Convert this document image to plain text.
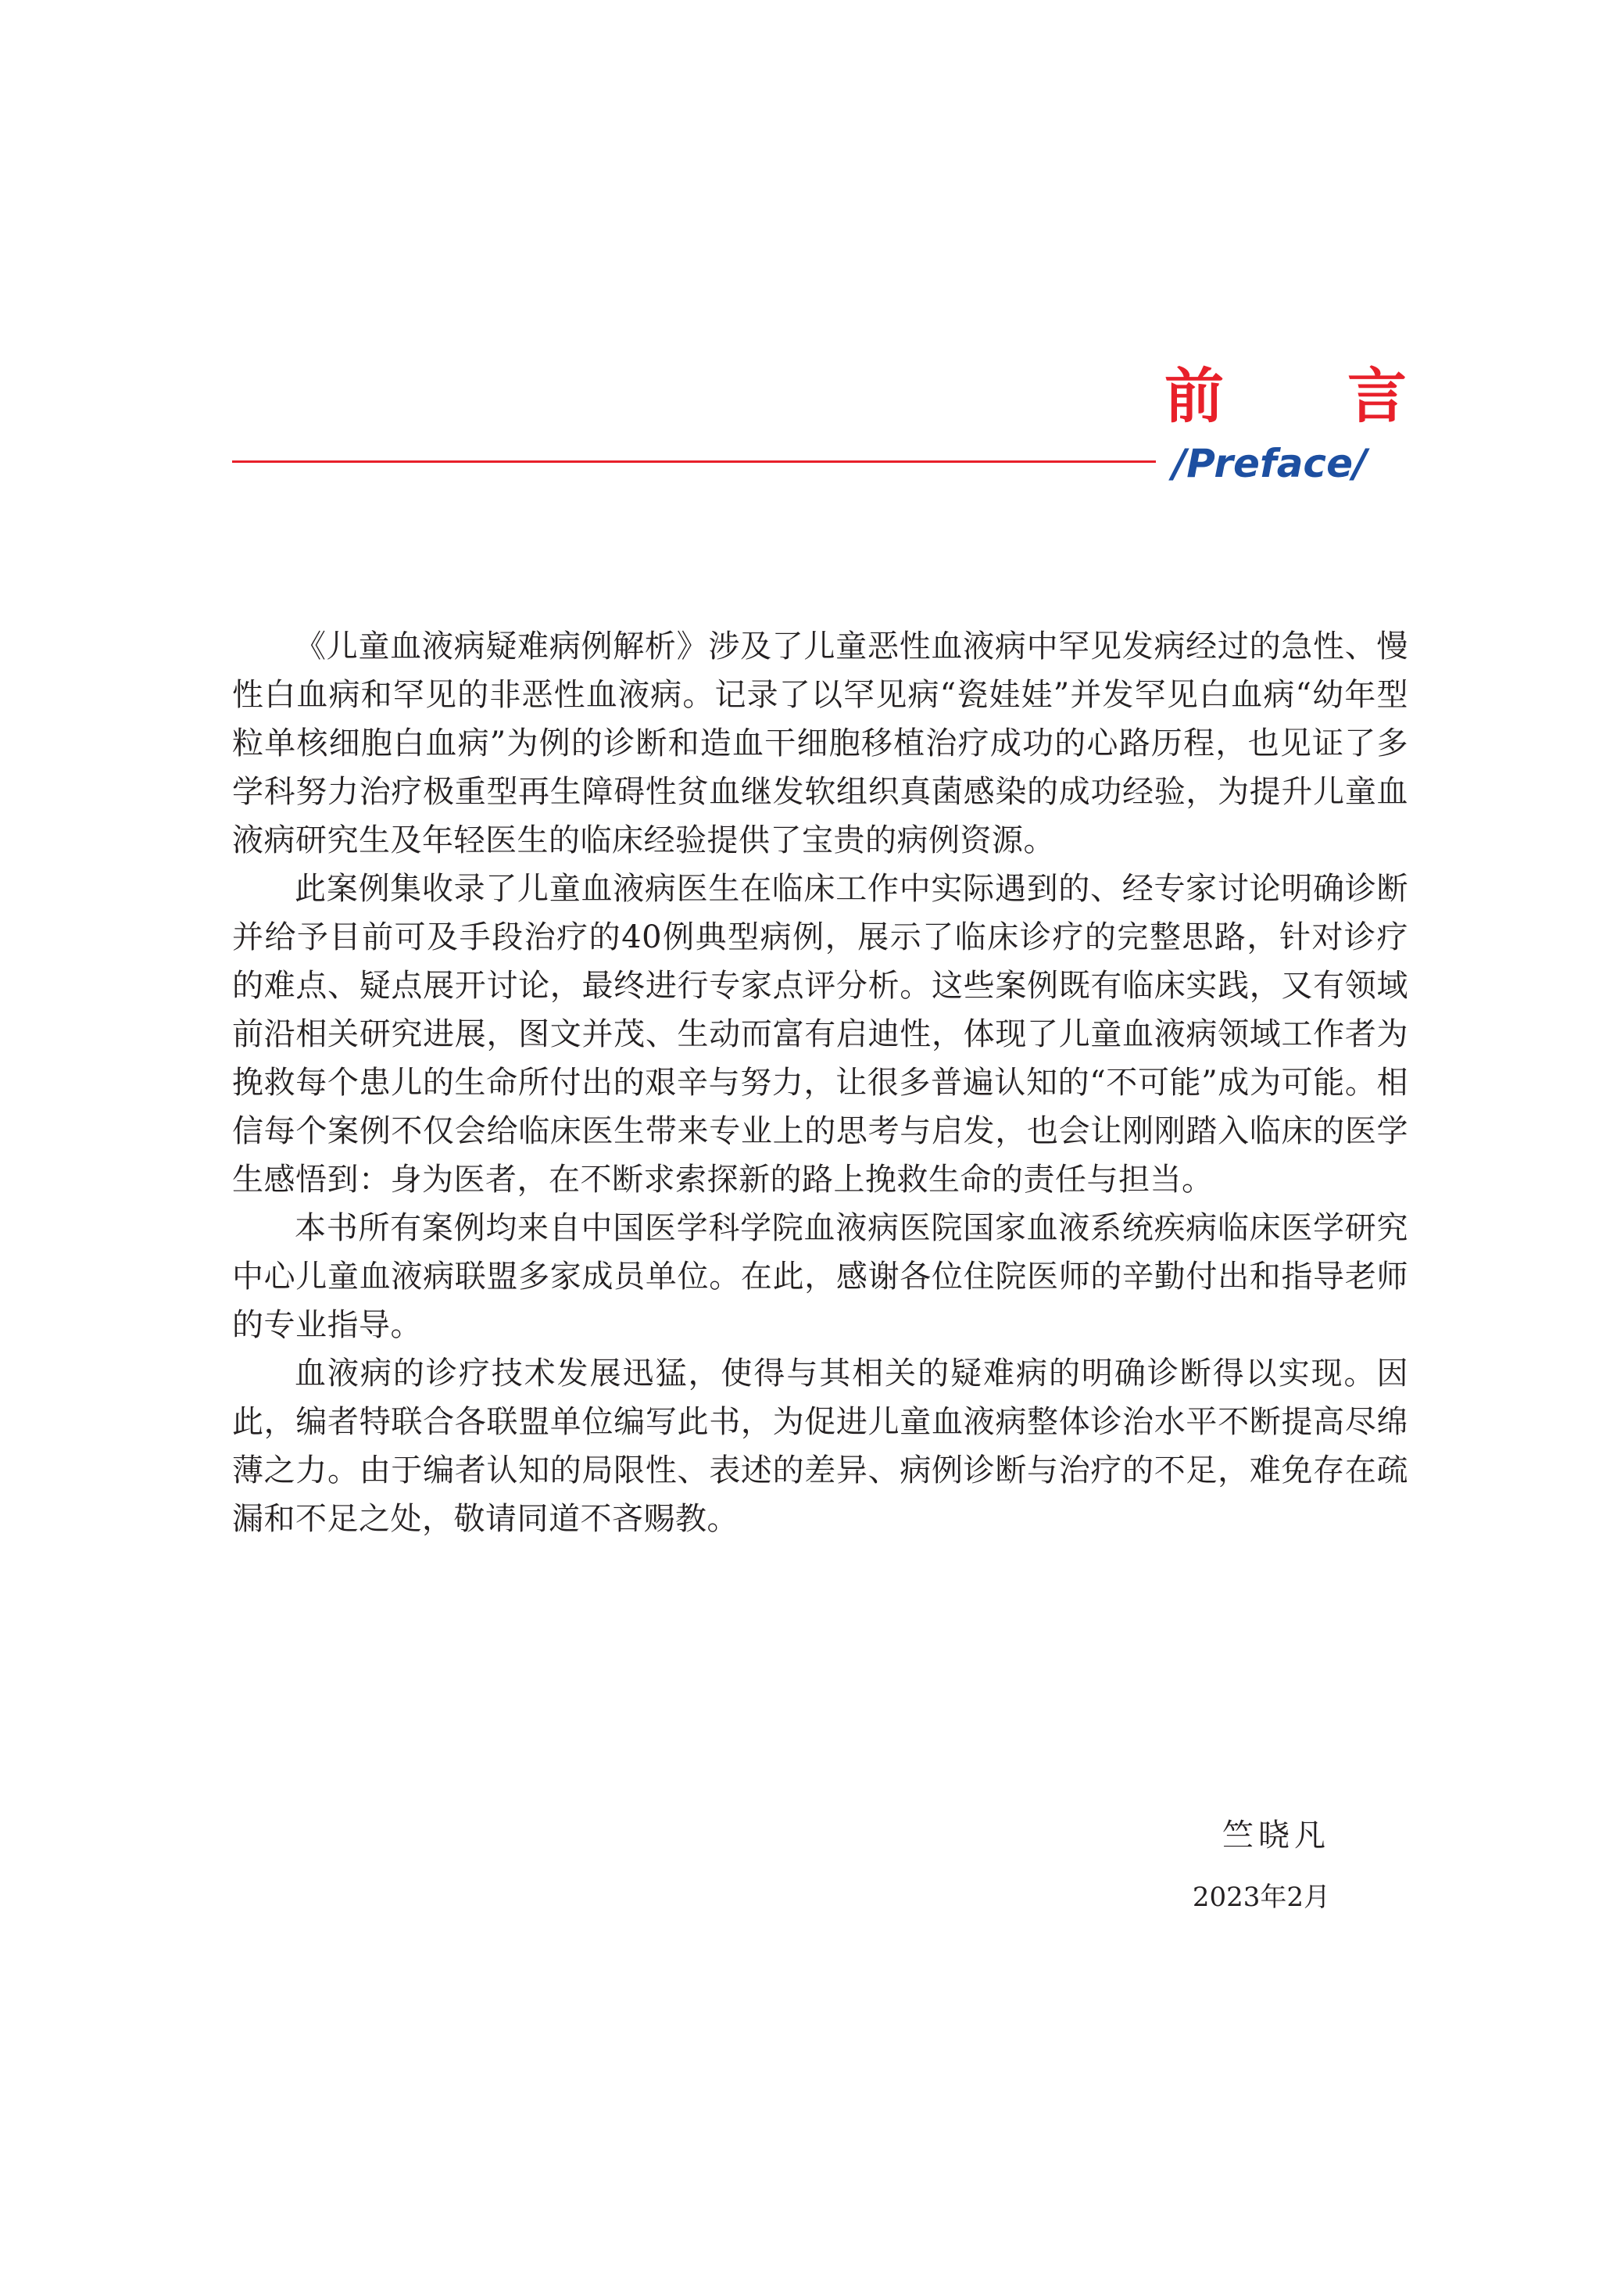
前 言
/Preface/

《儿童血液病疑难病例解析》涉及了儿童恶性血液病中罕见发病经过的急性、慢性白血病和罕见的非恶性血液病。记录了以罕见病“瓷娃娃”并发罕见白血病“幼年型粒单核细胞白血病”为例的诊断和造血干细胞移植治疗成功的心路历程，也见证了多学科努力治疗极重型再生障碍性贫血继发软组织真菌感染的成功经验，为提升儿童血液病研究生及年轻医生的临床经验提供了宝贵的病例资源。

此案例集收录了儿童血液病医生在临床工作中实际遇到的、经专家讨论明确诊断并给予目前可及手段治疗的40例典型病例，展示了临床诊疗的完整思路，针对诊疗的难点、疑点展开讨论，最终进行专家点评分析。这些案例既有临床实践，又有领域前沿相关研究进展，图文并茂、生动而富有启迪性，体现了儿童血液病领域工作者为挽救每个患儿的生命所付出的艰辛与努力，让很多普遍认知的“不可能”成为可能。相信每个案例不仅会给临床医生带来专业上的思考与启发，也会让刚刚踏入临床的医学生感悟到：身为医者，在不断求索探新的路上挽救生命的责任与担当。

本书所有案例均来自中国医学科学院血液病医院国家血液系统疾病临床医学研究中心儿童血液病联盟多家成员单位。在此，感谢各位住院医师的辛勤付出和指导老师的专业指导。

血液病的诊疗技术发展迅猛，使得与其相关的疑难病的明确诊断得以实现。因此，编者特联合各联盟单位编写此书，为促进儿童血液病整体诊治水平不断提高尽绵薄之力。由于编者认知的局限性、表述的差异、病例诊断与治疗的不足，难免存在疏漏和不足之处，敬请同道不吝赐教。

竺晓凡
2023年2月
